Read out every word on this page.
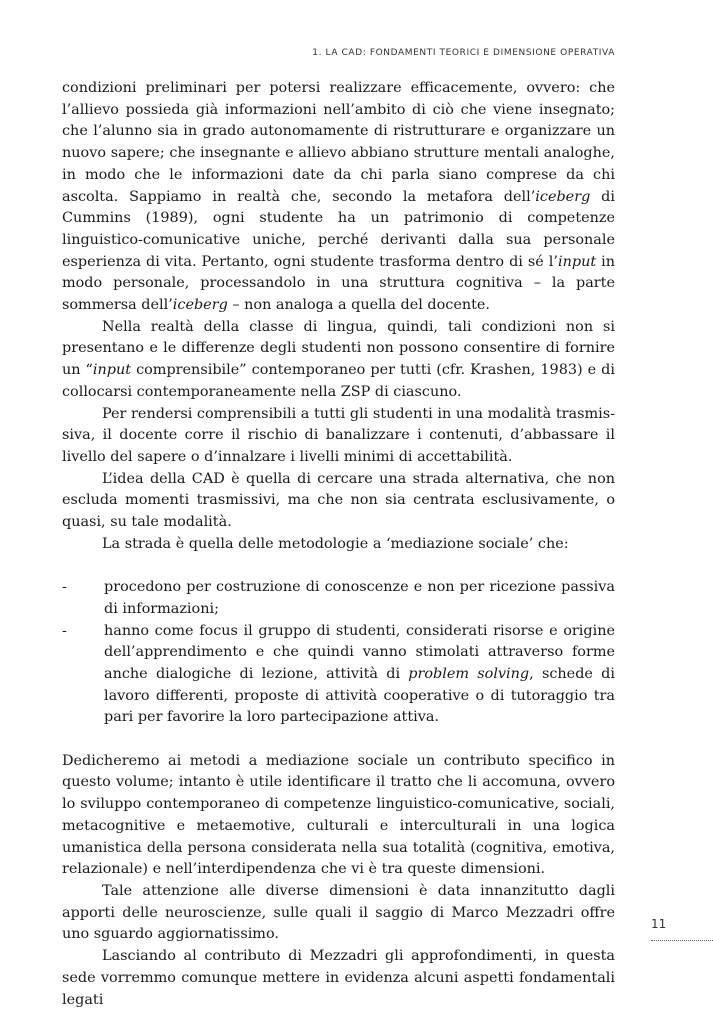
1. LA CAD: FONDAMENTI TEORICI E DIMENSIONE OPERATIVA

condizioni preliminari per potersi realizzare efficacemente, ovvero: che l’allievo possieda già informazioni nell’ambito di ciò che viene insegnato; che l’alunno sia in grado autonomamente di ristrutturare e organizzare un nuovo sapere; che insegnante e allievo abbiano strutture mentali analoghe, in modo che le informazioni date da chi parla siano comprese da chi ascolta. Sappiamo in realtà che, secondo la metafora dell’iceberg di Cummins (1989), ogni studente ha un patrimonio di competenze linguistico-comunicative uniche, perché derivanti dalla sua personale esperienza di vita. Pertanto, ogni studente trasforma dentro di sé l’input in modo personale, processandolo in una struttura cognitiva – la parte sommersa dell’iceberg – non analoga a quella del docente.

Nella realtà della classe di lingua, quindi, tali condizioni non si presentano e le differenze degli studenti non possono consentire di fornire un “input comprensibile” contemporaneo per tutti (cfr. Krashen, 1983) e di collocarsi contemporaneamente nella ZSP di ciascuno.

Per rendersi comprensibili a tutti gli studenti in una modalità trasmissiva, il docente corre il rischio di banalizzare i contenuti, d’abbassare il livello del sapere o d’innalzare i livelli minimi di accettabilità.

L’idea della CAD è quella di cercare una strada alternativa, che non escluda momenti trasmissivi, ma che non sia centrata esclusivamente, o quasi, su tale modalità.

La strada è quella delle metodologie a ‘mediazione sociale’ che:

-	procedono per costruzione di conoscenze e non per ricezione passiva di informazioni;
-	hanno come focus il gruppo di studenti, considerati risorse e origine dell’apprendimento e che quindi vanno stimolati attraverso forme anche dialogiche di lezione, attività di problem solving, schede di lavoro differenti, proposte di attività cooperative o di tutoraggio tra pari per favorire la loro partecipazione attiva.

Dedicheremo ai metodi a mediazione sociale un contributo specifico in questo volume; intanto è utile identificare il tratto che li accomuna, ovvero lo sviluppo contemporaneo di competenze linguistico-comunicative, sociali, metacognitive e metaemotive, culturali e interculturali in una logica umanistica della persona considerata nella sua totalità (cognitiva, emotiva, relazionale) e nell’interdipendenza che vi è tra queste dimensioni.

Tale attenzione alle diverse dimensioni è data innanzitutto dagli apporti delle neuroscienze, sulle quali il saggio di Marco Mezzadri offre uno sguardo aggiornatissimo.

Lasciando al contributo di Mezzadri gli approfondimenti, in questa sede vorremmo comunque mettere in evidenza alcuni aspetti fondamentali legati

11
